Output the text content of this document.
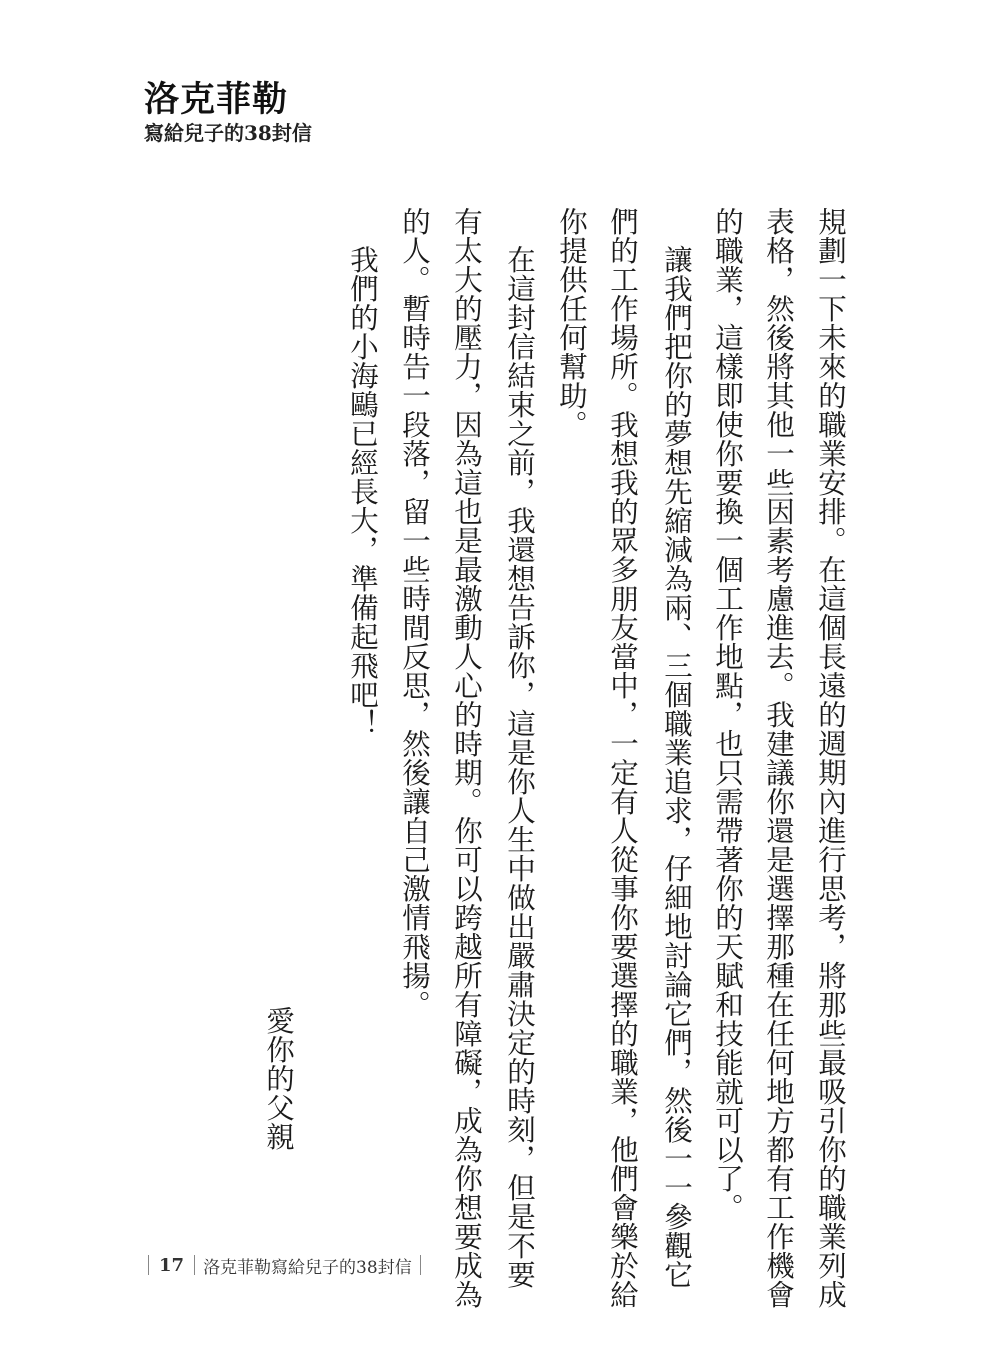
洛克菲勒
寫給兒子的38封信
規劃一下未來的職業安排。在這個長遠的週期內進行思考，將那些最吸引你的職業列成
表格，然後將其他一些因素考慮進去。我建議你還是選擇那種在任何地方都有工作機會
的職業，這樣即使你要換一個工作地點，也只需帶著你的天賦和技能就可以了。
讓我們把你的夢想先縮減為兩、三個職業追求，仔細地討論它們，然後一一參觀它
們的工作場所。我想我的眾多朋友當中，一定有人從事你要選擇的職業，他們會樂於給
你提供任何幫助。
在這封信結束之前，我還想告訴你，這是你人生中做出嚴肅決定的時刻，但是不要
有太大的壓力，因為這也是最激動人心的時期。你可以跨越所有障礙，成為你想要成為
的人。暫時告一段落，留一些時間反思，然後讓自己激情飛揚。
我們的小海鷗已經長大，準備起飛吧！
愛你的父親
17 洛克菲勒寫給兒子的38封信
